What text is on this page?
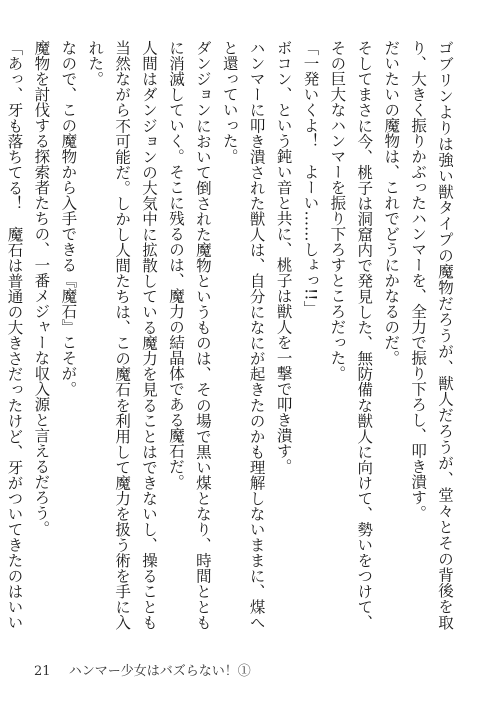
ゴブリンよりは強い獣タイプの魔物だろうが、獣人だろうが、堂々とその背後を取り、大きく振りかぶったハンマーを、全力で振り下ろし、叩き潰す。

だいたいの魔物は、これでどうにかなるのだ。

そしてまさに今、桃子は洞窟内で発見した、無防備な獣人に向けて、勢いをつけて、その巨大なハンマーを振り下ろすところだった。

「一発いくよ！　よーい……しょっ!!」

ボコン、という鈍い音と共に、桃子は獣人を一撃で叩き潰す。

ハンマーに叩き潰された獣人は、自分になにが起きたのかも理解しないままに、煤へと還っていった。

ダンジョンにおいて倒された魔物というものは、その場で黒い煤となり、時間とともに消滅していく。そこに残るのは、魔力の結晶体である魔石だ。

人間はダンジョンの大気中に拡散している魔力を見ることはできないし、操ることも当然ながら不可能だ。しかし人間たちは、この魔石を利用して魔力を扱う術を手に入れた。

なので、この魔物から入手できる『魔石』こそが。

魔物を討伐する探索者たちの、一番メジャーな収入源と言えるだろう。

「あっ、牙も落ちてる！　魔石は普通の大きさだったけど、牙がついてきたのはいい

21 ハンマー少女はバズらない！①
